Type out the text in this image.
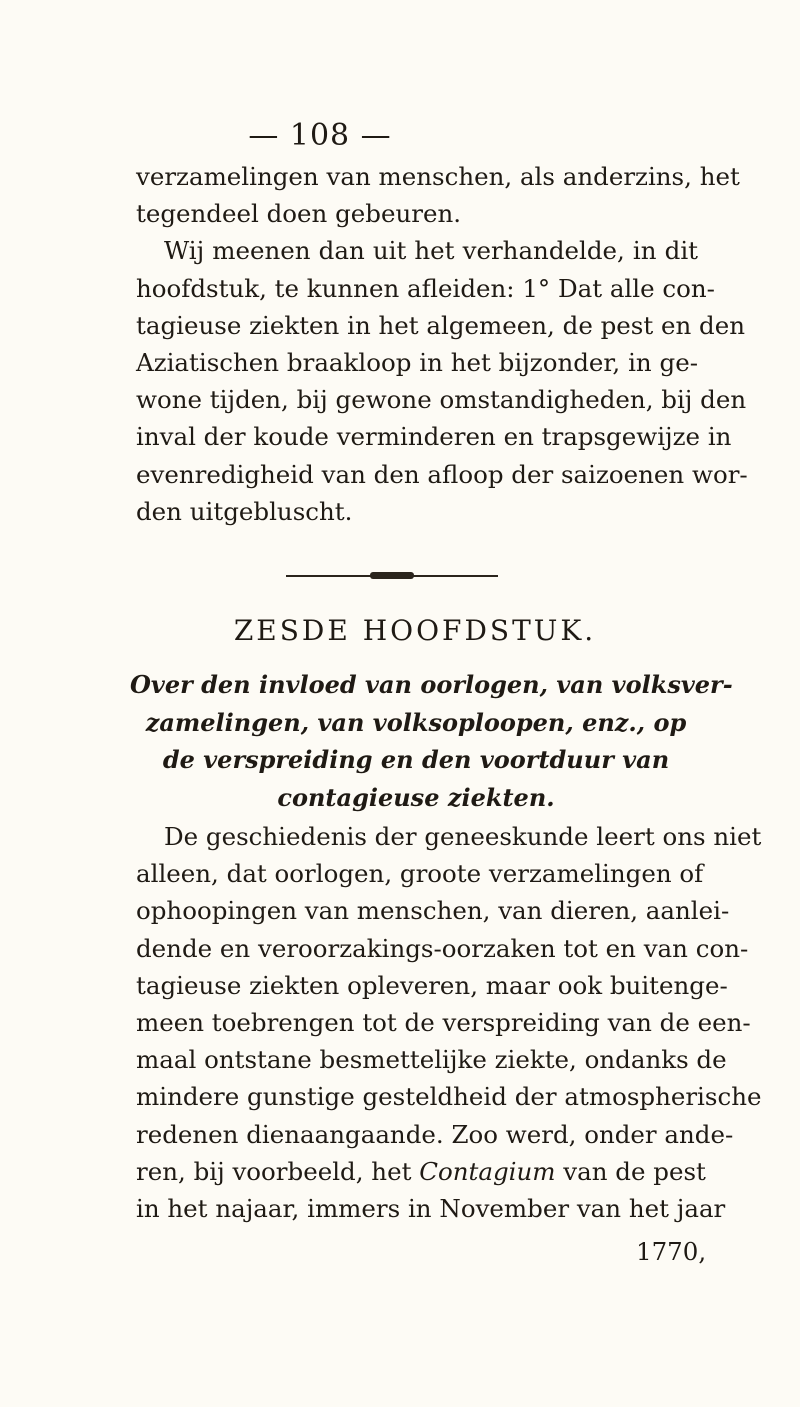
— 108 —
verzamelingen van menschen, als anderzins, het
tegendeel doen gebeuren.
Wij meenen dan uit het verhandelde, in dit
hoofdstuk, te kunnen afleiden: 1° Dat alle con-
tagieuse ziekten in het algemeen, de pest en den
Aziatischen braakloop in het bijzonder, in ge-
wone tijden, bij gewone omstandigheden, bij den
inval der koude verminderen en trapsgewijze in
evenredigheid van den afloop der saizoenen wor-
den uitgebluscht.
ZESDE HOOFDSTUK.
Over den invloed van oorlogen, van volksver-
zamelingen, van volksoploopen, enz., op
de verspreiding en den voortduur van
contagieuse ziekten.
De geschiedenis der geneeskunde leert ons niet
alleen, dat oorlogen, groote verzamelingen of
ophoopingen van menschen, van dieren, aanlei-
dende en veroorzakings-oorzaken tot en van con-
tagieuse ziekten opleveren, maar ook buitenge-
meen toebrengen tot de verspreiding van de een-
maal ontstane besmettelijke ziekte, ondanks de
mindere gunstige gesteldheid der atmospherische
redenen dienaangaande. Zoo werd, onder ande-
ren, bij voorbeeld, het Contagium van de pest
in het najaar, immers in November van het jaar
1770,
